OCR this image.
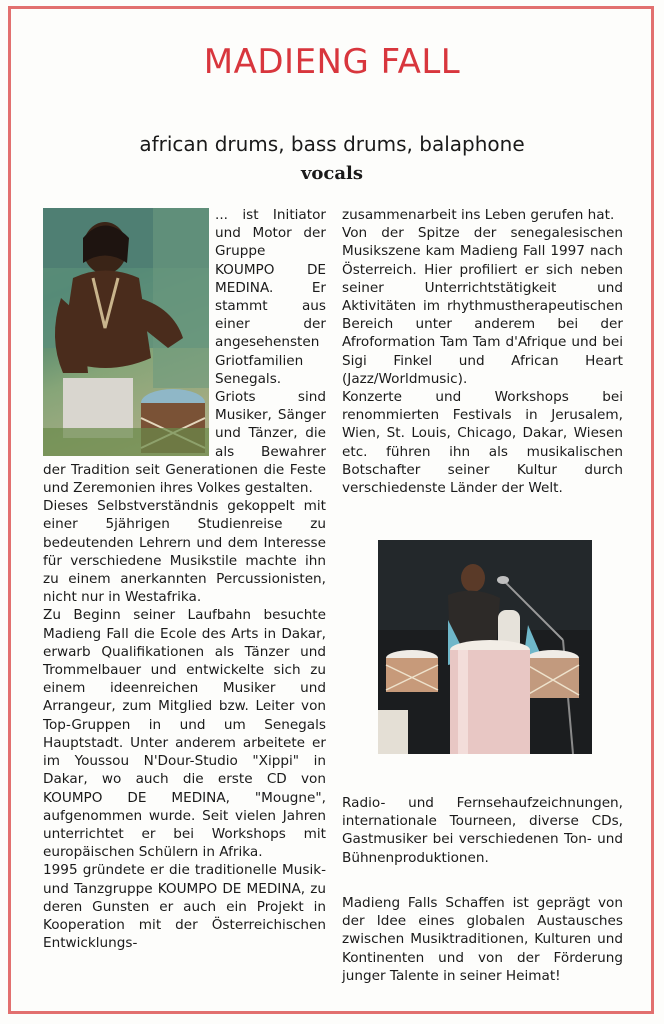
MADIENG FALL
african drums, bass drums, balaphone
vocals

... ist Initiator und Motor der Gruppe KOUMPO DE MEDINA. Er stammt aus einer der angesehensten Griotfamilien Senegals. Griots sind Musiker, Sänger und Tänzer, die als Bewahrer der Tradition seit Generationen die Feste und Zeremonien ihres Volkes gestalten.

Dieses Selbstverständnis gekoppelt mit einer 5jährigen Studienreise zu bedeutenden Lehrern und dem Interesse für verschiedene Musikstile machte ihn zu einem anerkannten Percussionisten, nicht nur in Westafrika.

Zu Beginn seiner Laufbahn besuchte Madieng Fall die Ecole des Arts in Dakar, erwarb Qualifikationen als Tänzer und Trommelbauer und entwickelte sich zu einem ideenreichen Musiker und Arrangeur, zum Mitglied bzw. Leiter von Top-Gruppen in und um Senegals Hauptstadt. Unter anderem arbeitete er im Youssou N'Dour-Studio "Xippi" in Dakar, wo auch die erste CD von KOUMPO DE MEDINA, "Mougne", aufgenommen wurde. Seit vielen Jahren unterrichtet er bei Workshops mit europäischen Schülern in Afrika.

1995 gründete er die traditionelle Musik- und Tanzgruppe KOUMPO DE MEDINA, zu deren Gunsten er auch ein Projekt in Kooperation mit der Österreichischen Entwicklungs-

zusammenarbeit ins Leben gerufen hat.

Von der Spitze der senegalesischen Musikszene kam Madieng Fall 1997 nach Österreich. Hier profiliert er sich neben seiner Unterrichtstätigkeit und Aktivitäten im rhythmustherapeutischen Bereich unter anderem bei der Afroformation Tam Tam d'Afrique und bei Sigi Finkel und African Heart (Jazz/Worldmusic).

Konzerte und Workshops bei renommierten Festivals in Jerusalem, Wien, St. Louis, Chicago, Dakar, Wiesen etc. führen ihn als musikalischen Botschafter seiner Kultur durch verschiedenste Länder der Welt.

Radio- und Fernsehaufzeichnungen, internationale Tourneen, diverse CDs, Gastmusiker bei verschiedenen Ton- und Bühnenproduktionen.
Madieng Falls Schaffen ist geprägt von der Idee eines globalen Austausches zwischen Musiktraditionen, Kulturen und Kontinenten und von der Förderung junger Talente in seiner Heimat!
